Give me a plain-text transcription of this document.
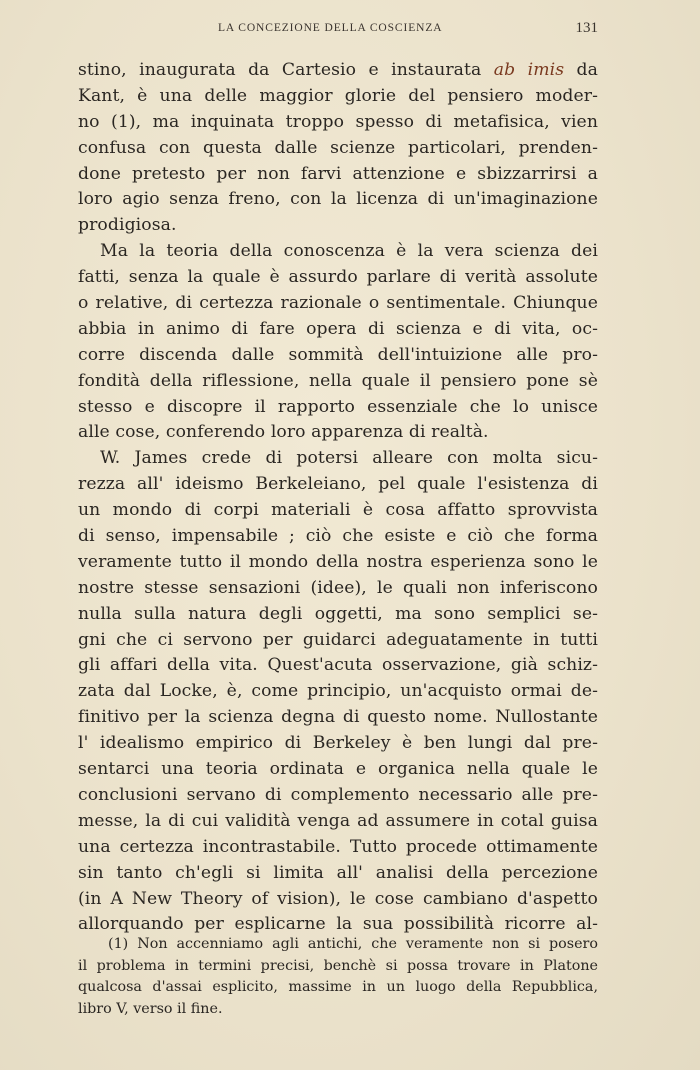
LA CONCEZIONE DELLA COSCIENZA	131
stino, inaugurata da Cartesio e instaurata ab imis da
Kant, è una delle maggior glorie del pensiero moder-
no (1), ma inquinata troppo spesso di metafisica, vien
confusa con questa dalle scienze particolari, prenden-
done pretesto per non farvi attenzione e sbizzarrirsi a
loro agio senza freno, con la licenza di un'imaginazione
prodigiosa.
Ma la teoria della conoscenza è la vera scienza dei
fatti, senza la quale è assurdo parlare di verità assolute
o relative, di certezza razionale o sentimentale. Chiunque
abbia in animo di fare opera di scienza e di vita, oc-
corre discenda dalle sommità dell'intuizione alle pro-
fondità della riflessione, nella quale il pensiero pone sè
stesso e discopre il rapporto essenziale che lo unisce
alle cose, conferendo loro apparenza di realtà.
W. James crede di potersi alleare con molta sicu-
rezza all' ideismo Berkeleiano, pel quale l'esistenza di
un mondo di corpi materiali è cosa affatto sprovvista
di senso, impensabile ; ciò che esiste e ciò che forma
veramente tutto il mondo della nostra esperienza sono le
nostre stesse sensazioni (idee), le quali non inferiscono
nulla sulla natura degli oggetti, ma sono semplici se-
gni che ci servono per guidarci adeguatamente in tutti
gli affari della vita. Quest'acuta osservazione, già schiz-
zata dal Locke, è, come principio, un'acquisto ormai de-
finitivo per la scienza degna di questo nome. Nullostante
l' idealismo empirico di Berkeley è ben lungi dal pre-
sentarci una teoria ordinata e organica nella quale le
conclusioni servano di complemento necessario alle pre-
messe, la di cui validità venga ad assumere in cotal guisa
una certezza incontrastabile. Tutto procede ottimamente
sin tanto ch'egli si limita all' analisi della percezione
(in A New Theory of vision), le cose cambiano d'aspetto
allorquando per esplicarne la sua possibilità ricorre al-
(1) Non accenniamo agli antichi, che veramente non si posero
il problema in termini precisi, benchè si possa trovare in Platone
qualcosa d'assai esplicito, massime in un luogo della Repubblica,
libro V, verso il fine.
